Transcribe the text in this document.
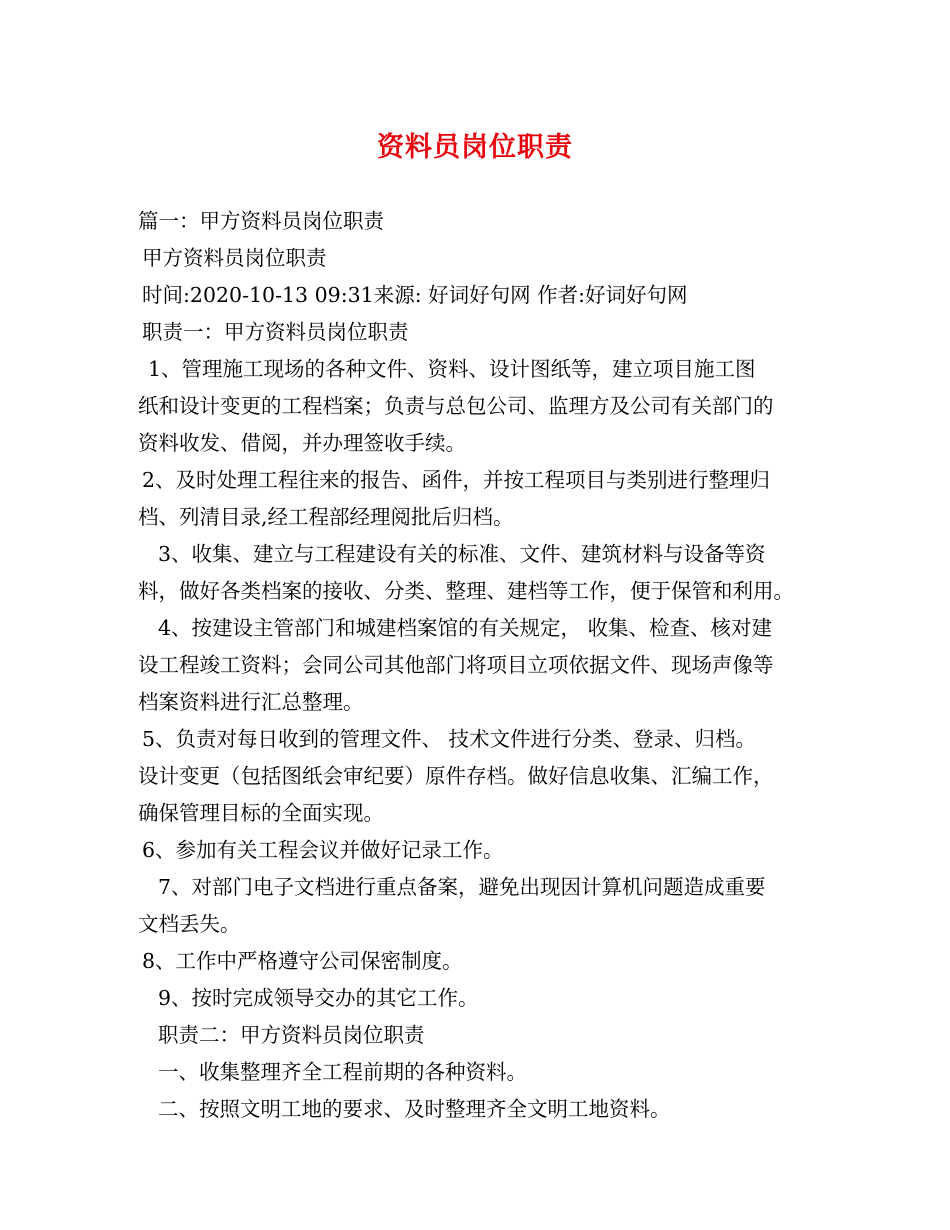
资料员岗位职责
篇一：甲方资料员岗位职责
甲方资料员岗位职责
时间:2020-10-13 09:31来源: 好词好句网 作者:好词好句网
职责一：甲方资料员岗位职责
1、管理施工现场的各种文件、资料、设计图纸等，建立项目施工图
纸和设计变更的工程档案；负责与总包公司、监理方及公司有关部门的
资料收发、借阅，并办理签收手续。
2、及时处理工程往来的报告、函件，并按工程项目与类别进行整理归
档、列清目录,经工程部经理阅批后归档。
3、收集、建立与工程建设有关的标准、文件、建筑材料与设备等资
料，做好各类档案的接收、分类、整理、建档等工作，便于保管和利用。
4、按建设主管部门和城建档案馆的有关规定， 收集、检查、核对建
设工程竣工资料；会同公司其他部门将项目立项依据文件、现场声像等
档案资料进行汇总整理。
5、负责对每日收到的管理文件、 技术文件进行分类、登录、归档。
设计变更（包括图纸会审纪要）原件存档。做好信息收集、汇编工作，
确保管理目标的全面实现。
6、参加有关工程会议并做好记录工作。
7、对部门电子文档进行重点备案，避免出现因计算机问题造成重要
文档丢失。
8、工作中严格遵守公司保密制度。
9、按时完成领导交办的其它工作。
职责二：甲方资料员岗位职责
一、收集整理齐全工程前期的各种资料。
二、按照文明工地的要求、及时整理齐全文明工地资料。
